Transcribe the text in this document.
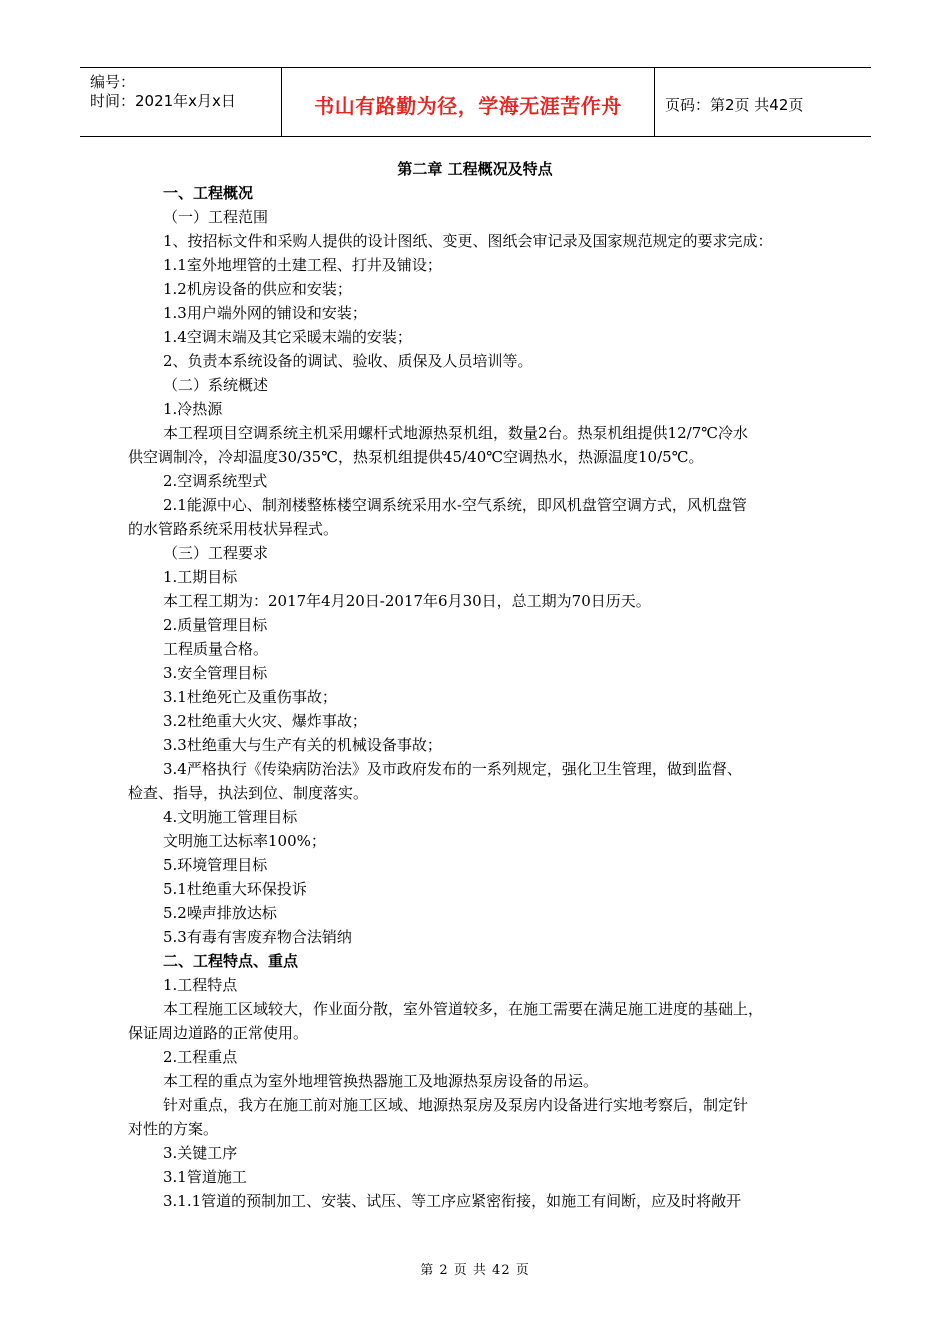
编号：
时间：2021年x月x日	书山有路勤为径，学海无涯苦作舟	页码：第2页 共42页
第二章 工程概况及特点
一、工程概况
（一）工程范围
1、按招标文件和采购人提供的设计图纸、变更、图纸会审记录及国家规范规定的要求完成：
1.1室外地埋管的土建工程、打井及铺设；
1.2机房设备的供应和安装；
1.3用户端外网的铺设和安装；
1.4空调末端及其它采暖末端的安装；
2、负责本系统设备的调试、验收、质保及人员培训等。
（二）系统概述
1.冷热源
本工程项目空调系统主机采用螺杆式地源热泵机组，数量2台。热泵机组提供12/7℃冷水
供空调制冷，冷却温度30/35℃，热泵机组提供45/40℃空调热水，热源温度10/5℃。
2.空调系统型式
2.1能源中心、制剂楼整栋楼空调系统采用水-空气系统，即风机盘管空调方式，风机盘管
的水管路系统采用枝状异程式。
（三）工程要求
1.工期目标
本工程工期为：2017年4月20日-2017年6月30日，总工期为70日历天。
2.质量管理目标
工程质量合格。
3.安全管理目标
3.1杜绝死亡及重伤事故；
3.2杜绝重大火灾、爆炸事故；
3.3杜绝重大与生产有关的机械设备事故；
3.4严格执行《传染病防治法》及市政府发布的一系列规定，强化卫生管理，做到监督、
检查、指导，执法到位、制度落实。
4.文明施工管理目标
文明施工达标率100%；
5.环境管理目标
5.1杜绝重大环保投诉
5.2噪声排放达标
5.3有毒有害废弃物合法销纳
二、工程特点、重点
1.工程特点
本工程施工区域较大，作业面分散，室外管道较多，在施工需要在满足施工进度的基础上，
保证周边道路的正常使用。
2.工程重点
本工程的重点为室外地埋管换热器施工及地源热泵房设备的吊运。
针对重点，我方在施工前对施工区域、地源热泵房及泵房内设备进行实地考察后，制定针
对性的方案。
3.关键工序
3.1管道施工
3.1.1管道的预制加工、安装、试压、等工序应紧密衔接，如施工有间断，应及时将敞开
第 2 页 共 42 页
